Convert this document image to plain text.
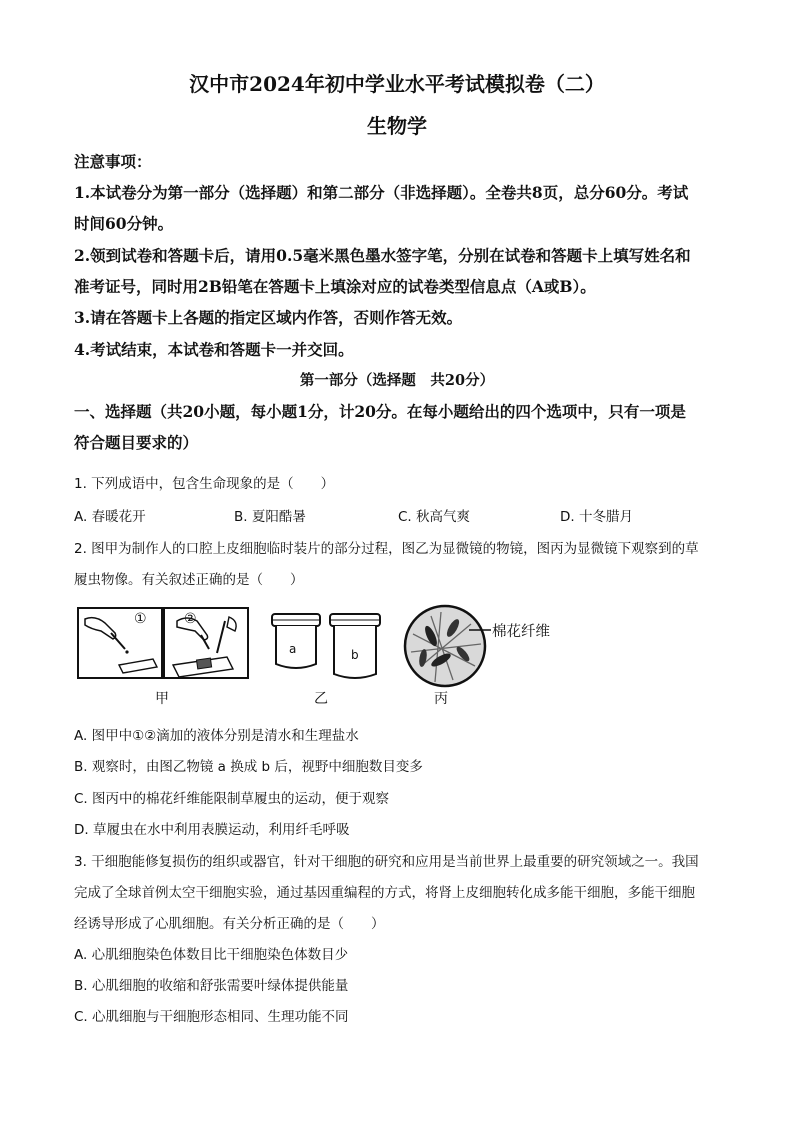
汉中市2024年初中学业水平考试模拟卷（二）
生物学
注意事项：
1.本试卷分为第一部分（选择题）和第二部分（非选择题）。全卷共8页，总分60分。考试
时间60分钟。
2.领到试卷和答题卡后，请用0.5毫米黑色墨水签字笔，分别在试卷和答题卡上填写姓名和
准考证号，同时用2B铅笔在答题卡上填涂对应的试卷类型信息点（A或B）。
3.请在答题卡上各题的指定区域内作答，否则作答无效。
4.考试结束，本试卷和答题卡一并交回。
第一部分（选择题　共20分）
一、选择题（共20小题，每小题1分，计20分。在每小题给出的四个选项中，只有一项是
符合题目要求的）
1. 下列成语中，包含生命现象的是（　　）
A. 春暖花开	B. 夏阳酷暑	C. 秋高气爽	D. 十冬腊月
2. 图甲为制作人的口腔上皮细胞临时装片的部分过程，图乙为显微镜的物镜，图丙为显微镜下观察到的草
履虫物像。有关叙述正确的是（　　）
①	②
甲
a	b
乙
棉花纤维
丙
A. 图甲中①②滴加的液体分别是清水和生理盐水
B. 观察时，由图乙物镜 a 换成 b 后，视野中细胞数目变多
C. 图丙中的棉花纤维能限制草履虫的运动，便于观察
D. 草履虫在水中利用表膜运动，利用纤毛呼吸
3. 干细胞能修复损伤的组织或器官，针对干细胞的研究和应用是当前世界上最重要的研究领域之一。我国
完成了全球首例太空干细胞实验，通过基因重编程的方式，将肾上皮细胞转化成多能干细胞，多能干细胞
经诱导形成了心肌细胞。有关分析正确的是（　　）
A. 心肌细胞染色体数目比干细胞染色体数目少
B. 心肌细胞的收缩和舒张需要叶绿体提供能量
C. 心肌细胞与干细胞形态相同、生理功能不同
